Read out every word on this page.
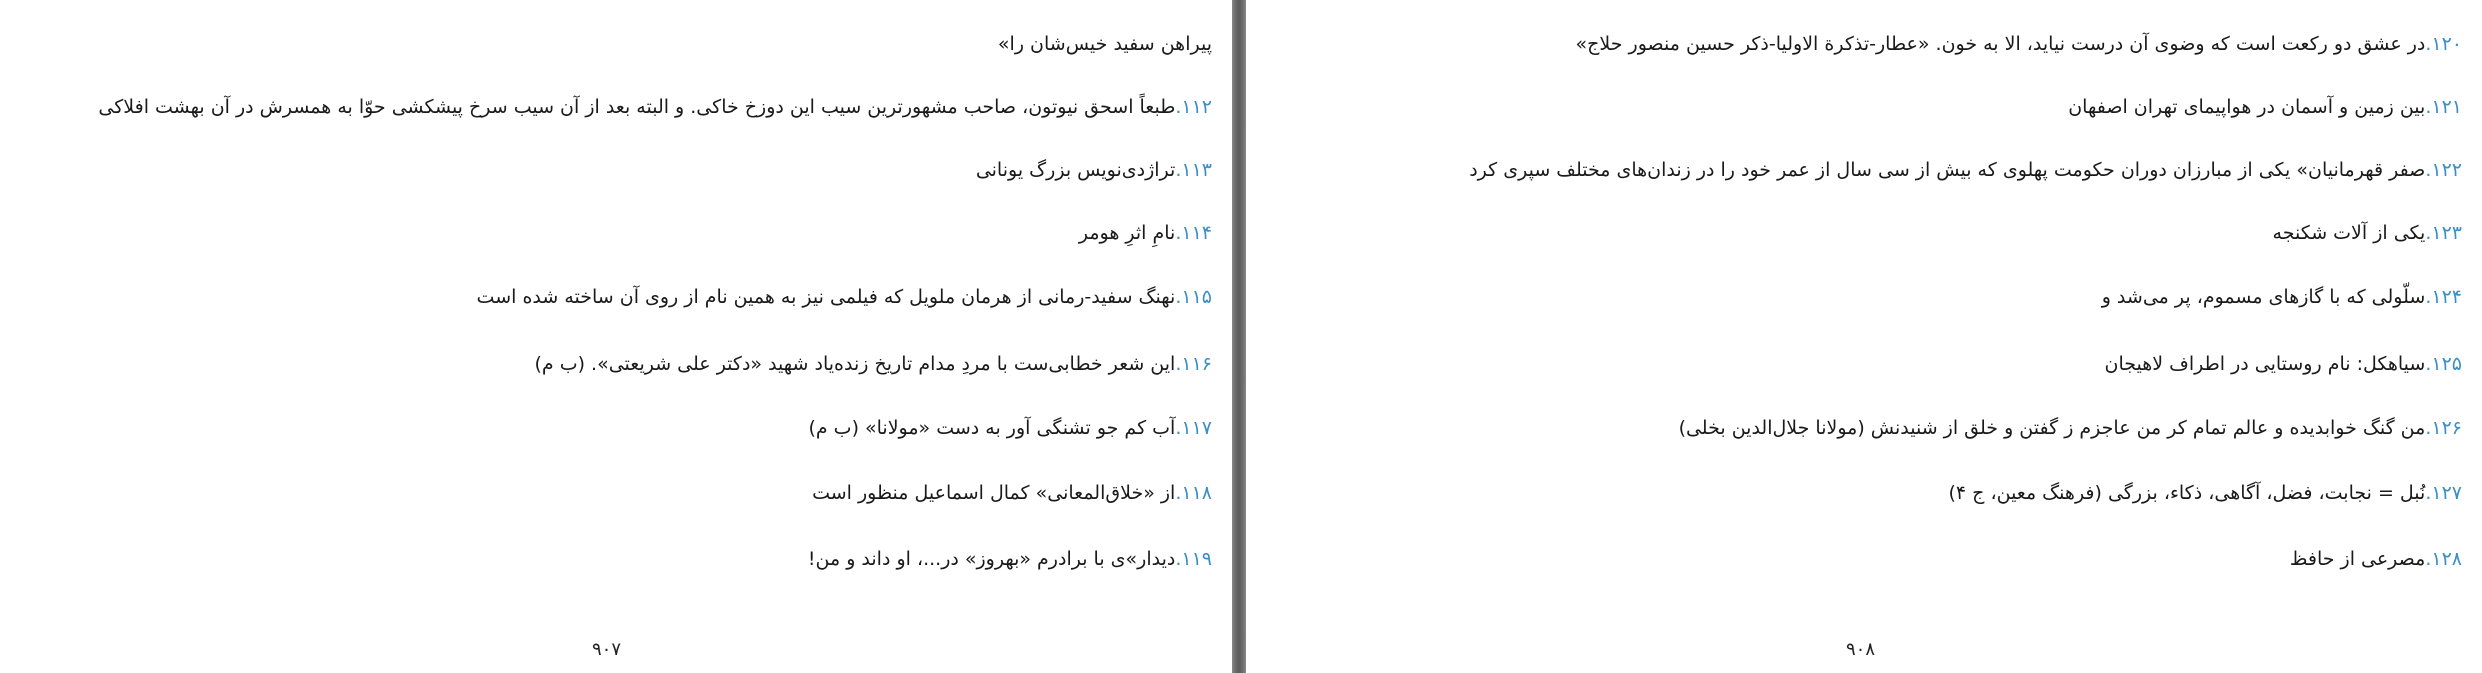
پیراهن سفید خیس‌شان را»
۱۱۲.طبعاً اسحق نیوتون، صاحب مشهورترین سیب این دوزخ خاکی. و البته بعد از آن سیب سرخ پیشکشی حوّا به همسرش در آن بهشت افلاکی
۱۱۳.تراژدی‌نویس بزرگ یونانی
۱۱۴.نامِ اثرِ هومر
۱۱۵.نهنگ سفید-رمانی از هرمان ملویل که فیلمی نیز به همین نام از روی آن ساخته شده است
۱۱۶.این شعر خطابی‌ست با مردِ مدام تاریخ زنده‌یاد شهید «دکتر علی شریعتی». (ب م)
۱۱۷.آب کم جو تشنگی آور به دست «مولانا» (ب م)
۱۱۸.از «خلاق‌المعانی» کمال اسماعیل منظور است
۱۱۹.دیدار»ی با برادرم «بهروز» در...، او داند و من!
۹۰۷
۱۲۰.در عشق دو رکعت است که وضوی آن درست نیاید، الا به خون. «عطار-تذکرة الاولیا-ذکر حسین منصور حلاج»
۱۲۱.بین زمین و آسمان در هواپیمای تهران اصفهان
۱۲۲.صفر قهرمانیان» یکی از مبارزان دوران حکومت پهلوی که بیش از سی سال از عمر خود را در زندان‌های مختلف سپری کرد
۱۲۳.یکی از آلات شکنجه
۱۲۴.سلّولی که با گازهای مسموم، پر می‌شد و
۱۲۵.سیاهکل: نام روستایی در اطراف لاهیجان
۱۲۶.من گنگ خوابدیده و عالم تمام کر من عاجزم ز گفتن و خلق از شنیدنش (مولانا جلال‌الدین بخلی)
۱۲۷.نُبل = نجابت، فضل، آگاهی، ذکاء، بزرگی (فرهنگ معین، ج ۴)
۱۲۸.مصرعی از حافظ
۹۰۸
